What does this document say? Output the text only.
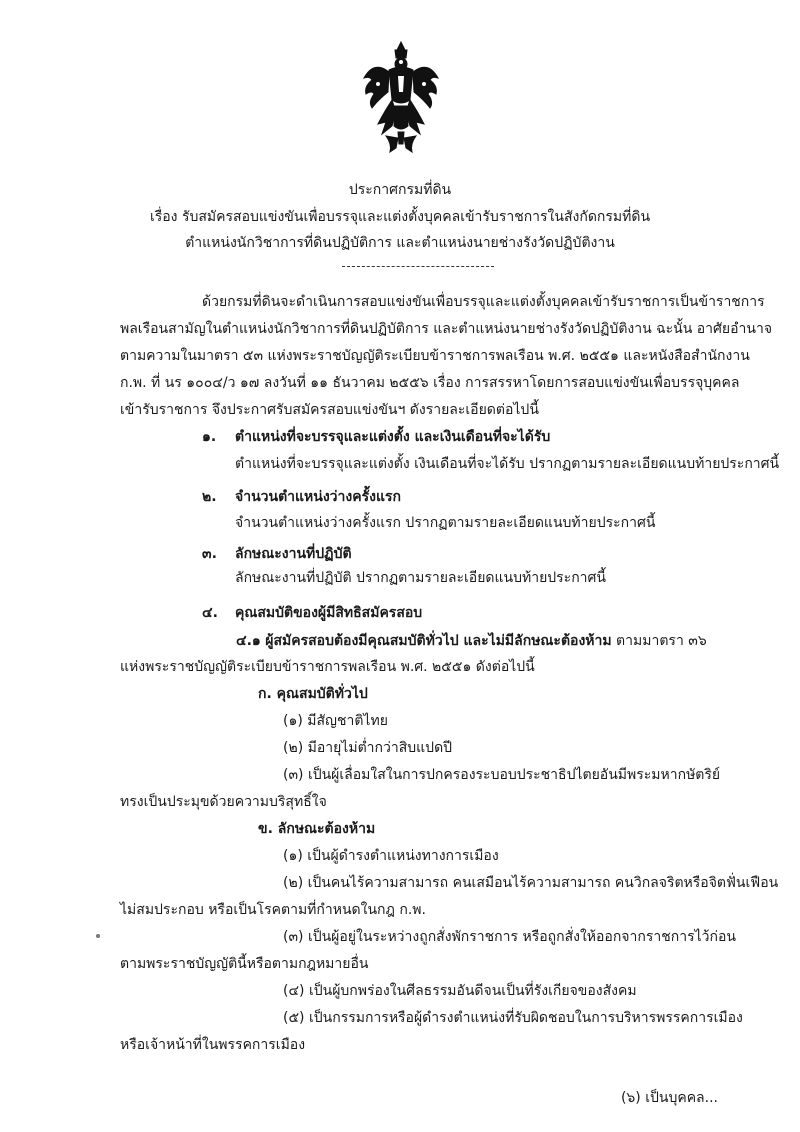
ประกาศกรมที่ดิน
เรื่อง รับสมัครสอบแข่งขันเพื่อบรรจุและแต่งตั้งบุคคลเข้ารับราชการในสังกัดกรมที่ดิน
ตำแหน่งนักวิชาการที่ดินปฏิบัติการ และตำแหน่งนายช่างรังวัดปฏิบัติงาน
ด้วยกรมที่ดินจะดำเนินการสอบแข่งขันเพื่อบรรจุและแต่งตั้งบุคคลเข้ารับราชการเป็นข้าราชการ
พลเรือนสามัญในตำแหน่งนักวิชาการที่ดินปฏิบัติการ และตำแหน่งนายช่างรังวัดปฏิบัติงาน ฉะนั้น อาศัยอำนาจ
ตามความในมาตรา ๕๓ แห่งพระราชบัญญัติระเบียบข้าราชการพลเรือน พ.ศ. ๒๕๕๑ และหนังสือสำนักงาน
ก.พ. ที่ นร ๑๐๐๔/ว ๑๗ ลงวันที่ ๑๑ ธันวาคม ๒๕๕๖ เรื่อง การสรรหาโดยการสอบแข่งขันเพื่อบรรจุบุคคล
เข้ารับราชการ จึงประกาศรับสมัครสอบแข่งขันฯ ดังรายละเอียดต่อไปนี้
๑. ตำแหน่งที่จะบรรจุและแต่งตั้ง และเงินเดือนที่จะได้รับ
ตำแหน่งที่จะบรรจุและแต่งตั้ง เงินเดือนที่จะได้รับ ปรากฏตามรายละเอียดแนบท้ายประกาศนี้
๒. จำนวนตำแหน่งว่างครั้งแรก
จำนวนตำแหน่งว่างครั้งแรก ปรากฏตามรายละเอียดแนบท้ายประกาศนี้
๓. ลักษณะงานที่ปฏิบัติ
ลักษณะงานที่ปฏิบัติ ปรากฏตามรายละเอียดแนบท้ายประกาศนี้
๔. คุณสมบัติของผู้มีสิทธิสมัครสอบ
๔.๑ ผู้สมัครสอบต้องมีคุณสมบัติทั่วไป และไม่มีลักษณะต้องห้าม ตามมาตรา ๓๖
แห่งพระราชบัญญัติระเบียบข้าราชการพลเรือน พ.ศ. ๒๕๕๑ ดังต่อไปนี้
ก. คุณสมบัติทั่วไป
(๑) มีสัญชาติไทย
(๒) มีอายุไม่ต่ำกว่าสิบแปดปี
(๓) เป็นผู้เลื่อมใสในการปกครองระบอบประชาธิปไตยอันมีพระมหากษัตริย์
ทรงเป็นประมุขด้วยความบริสุทธิ์ใจ
ข. ลักษณะต้องห้าม
(๑) เป็นผู้ดำรงตำแหน่งทางการเมือง
(๒) เป็นคนไร้ความสามารถ คนเสมือนไร้ความสามารถ คนวิกลจริตหรือจิตฟั่นเฟือน
ไม่สมประกอบ หรือเป็นโรคตามที่กำหนดในกฎ ก.พ.
(๓) เป็นผู้อยู่ในระหว่างถูกสั่งพักราชการ หรือถูกสั่งให้ออกจากราชการไว้ก่อน
ตามพระราชบัญญัตินี้หรือตามกฎหมายอื่น
(๔) เป็นผู้บกพร่องในศีลธรรมอันดีจนเป็นที่รังเกียจของสังคม
(๕) เป็นกรรมการหรือผู้ดำรงตำแหน่งที่รับผิดชอบในการบริหารพรรคการเมือง
หรือเจ้าหน้าที่ในพรรคการเมือง
(๖) เป็นบุคคล...
